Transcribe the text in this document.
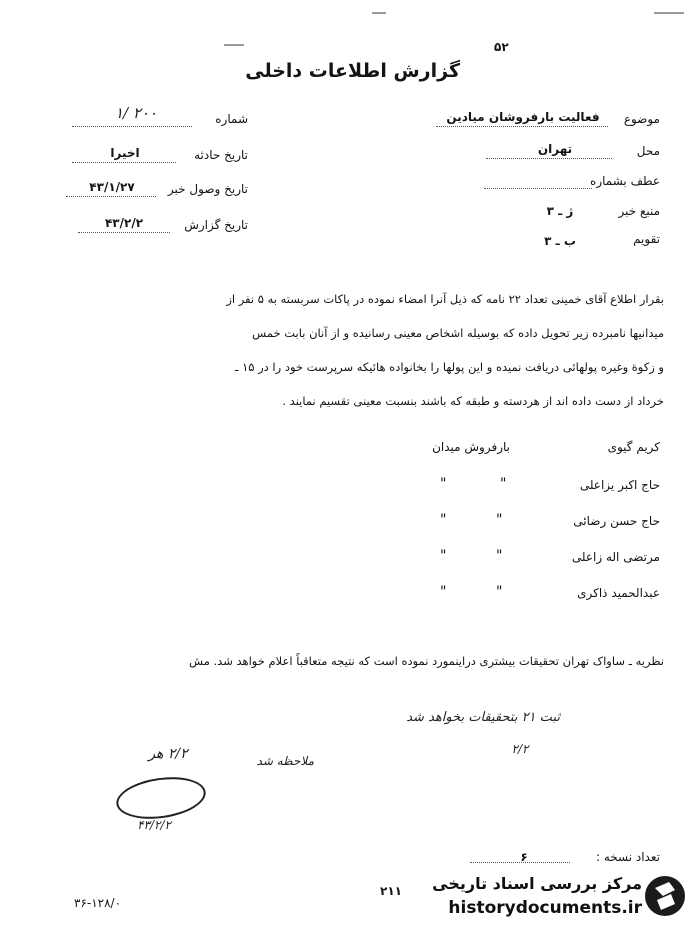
۵۲
گزارش اطلاعات داخلی
شماره
۲۰۰ /۱
تاریخ حادثه
اخیرا
تاریخ وصول خبر
۴۳/۱/۲۷
تاریخ گزارش
۴۳/۲/۲
موضوع
فعالیت بارفروشان میادین
محل
تهران
عطف بشماره
منبع خبر
ژ ـ ۳
تقویم
ب ـ ۳
بقرار اطلاع آقای خمینی تعداد ۲۲ نامه که ذیل آنرا امضاء نموده در پاکات سربسته به ۵ نفر از
میدانیها نامبرده زیر تحویل داده که بوسیله اشخاص معینی رسانیده و از آنان بابت خمس
و زکوة وغیره پولهائی دریافت نمیده و این پولها را بخانواده هائیکه سرپرست خود را در ۱۵ ـ
خرداد از دست داده اند از هردسته و طبقه که باشند بنسبت معینی تقسیم نمایند .
کریم گیوی
بارفروش میدان
حاج اکبر یزاعلی
"
"
حاج حسن رضائی
"
"
مرتضی اله زاعلی
"
"
عبدالحمید ذاکری
"
"
نظریه ـ ساواک تهران تحقیقات بیشتری دراینمورد نموده است که نتیجه متعاقباً اعلام خواهد شد. مش
ثبت ۲۱ بتحقیقات بخواهد شد
۲/۲
ملاحظه شد
۲/۲ هر
۴۳/۲/۲
تعداد نسخه :
۶
۳۶-۱۲۸/۰
۲۱۱	مرکز بررسی اسناد تاریخی
historydocuments.ir
